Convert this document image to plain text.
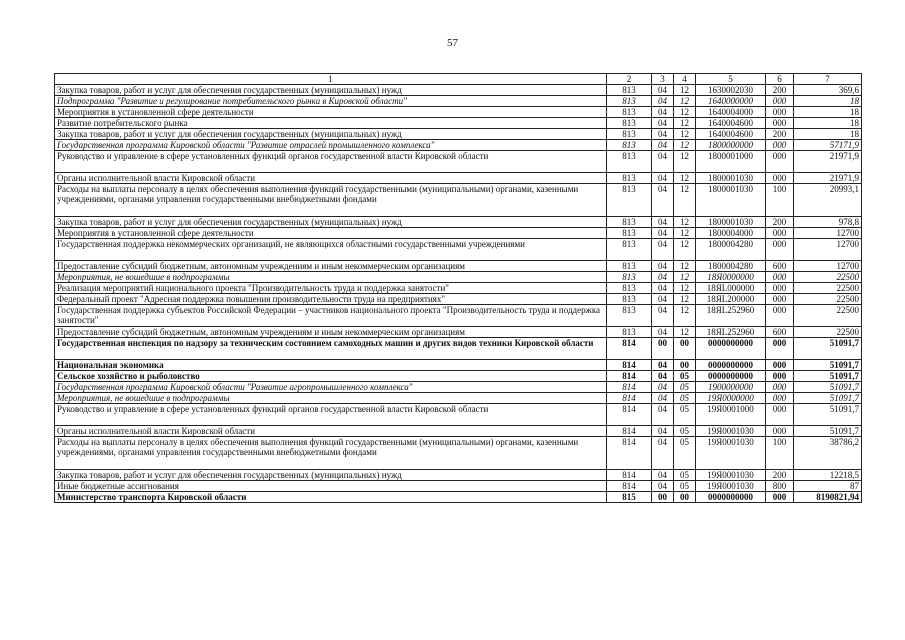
57
1	2	3	4	5	6	7
Закупка товаров, работ и услуг для обеспечения государственных (муниципальных) нужд	813	04	12	1630002030	200	369,6
Подпрограмма "Развитие и регулирование потребительского рынка в Кировской области"	813	04	12	1640000000	000	18
Мероприятия в установленной сфере деятельности	813	04	12	1640004000	000	18
Развитие потребительского рынка	813	04	12	1640004600	000	18
Закупка товаров, работ и услуг для обеспечения государственных (муниципальных) нужд	813	04	12	1640004600	200	18
Государственная программа Кировской области "Развитие отраслей промышленного комплекса"	813	04	12	1800000000	000	57171,9
Руководство и управление в сфере установленных функций органов государственной власти Кировской области	813	04	12	1800001000	000	21971,9
Органы исполнительной власти Кировской области	813	04	12	1800001030	000	21971,9
Расходы на выплаты персоналу в целях обеспечения выполнения функций государственными (муниципальными) органами, казенными учреждениями, органами управления государственными внебюджетными фондами	813	04	12	1800001030	100	20993,1
Закупка товаров, работ и услуг для обеспечения государственных (муниципальных) нужд	813	04	12	1800001030	200	978,8
Мероприятия в установленной сфере деятельности	813	04	12	1800004000	000	12700
Государственная поддержка некоммерческих организаций, не являющихся областными государственными учреждениями	813	04	12	1800004280	000	12700
Предоставление субсидий бюджетным, автономным учреждениям и иным некоммерческим организациям	813	04	12	1800004280	600	12700
Мероприятия, не вошедшие в подпрограммы	813	04	12	18Я0000000	000	22500
Реализация мероприятий национального проекта "Производительность труда и поддержка занятости"	813	04	12	18ЯL000000	000	22500
Федеральный проект "Адресная поддержка повышения производительности труда на предприятиях"	813	04	12	18ЯL200000	000	22500
Государственная поддержка субъектов Российской Федерации – участников национального проекта "Производительность труда и поддержка занятости"	813	04	12	18ЯL252960	000	22500
Предоставление субсидий бюджетным, автономным учреждениям и иным некоммерческим организациям	813	04	12	18ЯL252960	600	22500
Государственная инспекция по надзору за техническим состоянием самоходных машин и других видов техники Кировской области	814	00	00	0000000000	000	51091,7
Национальная экономика	814	04	00	0000000000	000	51091,7
Сельское хозяйство и рыболовство	814	04	05	0000000000	000	51091,7
Государственная программа Кировской области "Развитие агропромышленного комплекса"	814	04	05	1900000000	000	51091,7
Мероприятия, не вошедшие в подпрограммы	814	04	05	19Я0000000	000	51091,7
Руководство и управление в сфере установленных функций органов государственной власти Кировской области	814	04	05	19Я0001000	000	51091,7
Органы исполнительной власти Кировской области	814	04	05	19Я0001030	000	51091,7
Расходы на выплаты персоналу в целях обеспечения выполнения функций государственными (муниципальными) органами, казенными учреждениями, органами управления государственными внебюджетными фондами	814	04	05	19Я0001030	100	38786,2
Закупка товаров, работ и услуг для обеспечения государственных (муниципальных) нужд	814	04	05	19Я0001030	200	12218,5
Иные бюджетные ассигнования	814	04	05	19Я0001030	800	87
Министерство транспорта Кировской области	815	00	00	0000000000	000	8190821,94
